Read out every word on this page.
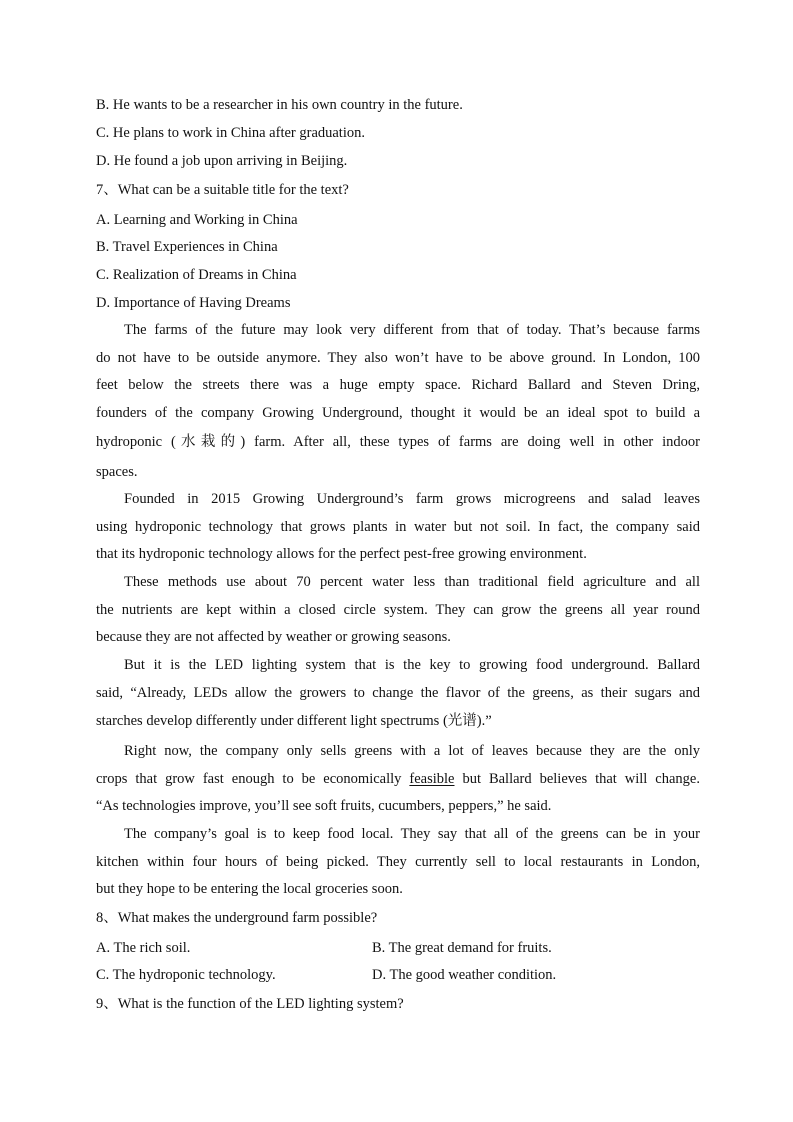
B. He wants to be a researcher in his own country in the future.
C. He plans to work in China after graduation.
D. He found a job upon arriving in Beijing.
7、What can be a suitable title for the text?
A. Learning and Working in China
B. Travel Experiences in China
C. Realization of Dreams in China
D. Importance of Having Dreams
The farms of the future may look very different from that of today. That’s because farms
do not have to be outside anymore. They also won’t have to be above ground. In London, 100
feet below the streets there was a huge empty space. Richard Ballard and Steven Dring,
founders of the company Growing Underground, thought it would be an ideal spot to build a
hydroponic (水栽的) farm. After all, these types of farms are doing well in other indoor
spaces.
Founded in 2015 Growing Underground’s farm grows microgreens and salad leaves
using hydroponic technology that grows plants in water but not soil. In fact, the company said
that its hydroponic technology allows for the perfect pest-free growing environment.
These methods use about 70 percent water less than traditional field agriculture and all
the nutrients are kept within a closed circle system. They can grow the greens all year round
because they are not affected by weather or growing seasons.
But it is the LED lighting system that is the key to growing food underground. Ballard
said, “Already, LEDs allow the growers to change the flavor of the greens, as their sugars and
starches develop differently under different light spectrums (光谱).”
Right now, the company only sells greens with a lot of leaves because they are the only
crops that grow fast enough to be economically feasible but Ballard believes that will change.
“As technologies improve, you’ll see soft fruits, cucumbers, peppers,” he said.
The company’s goal is to keep food local. They say that all of the greens can be in your
kitchen within four hours of being picked. They currently sell to local restaurants in London,
but they hope to be entering the local groceries soon.
8、What makes the underground farm possible?
A. The rich soil.	B. The great demand for fruits.
C. The hydroponic technology.	D. The good weather condition.
9、What is the function of the LED lighting system?
